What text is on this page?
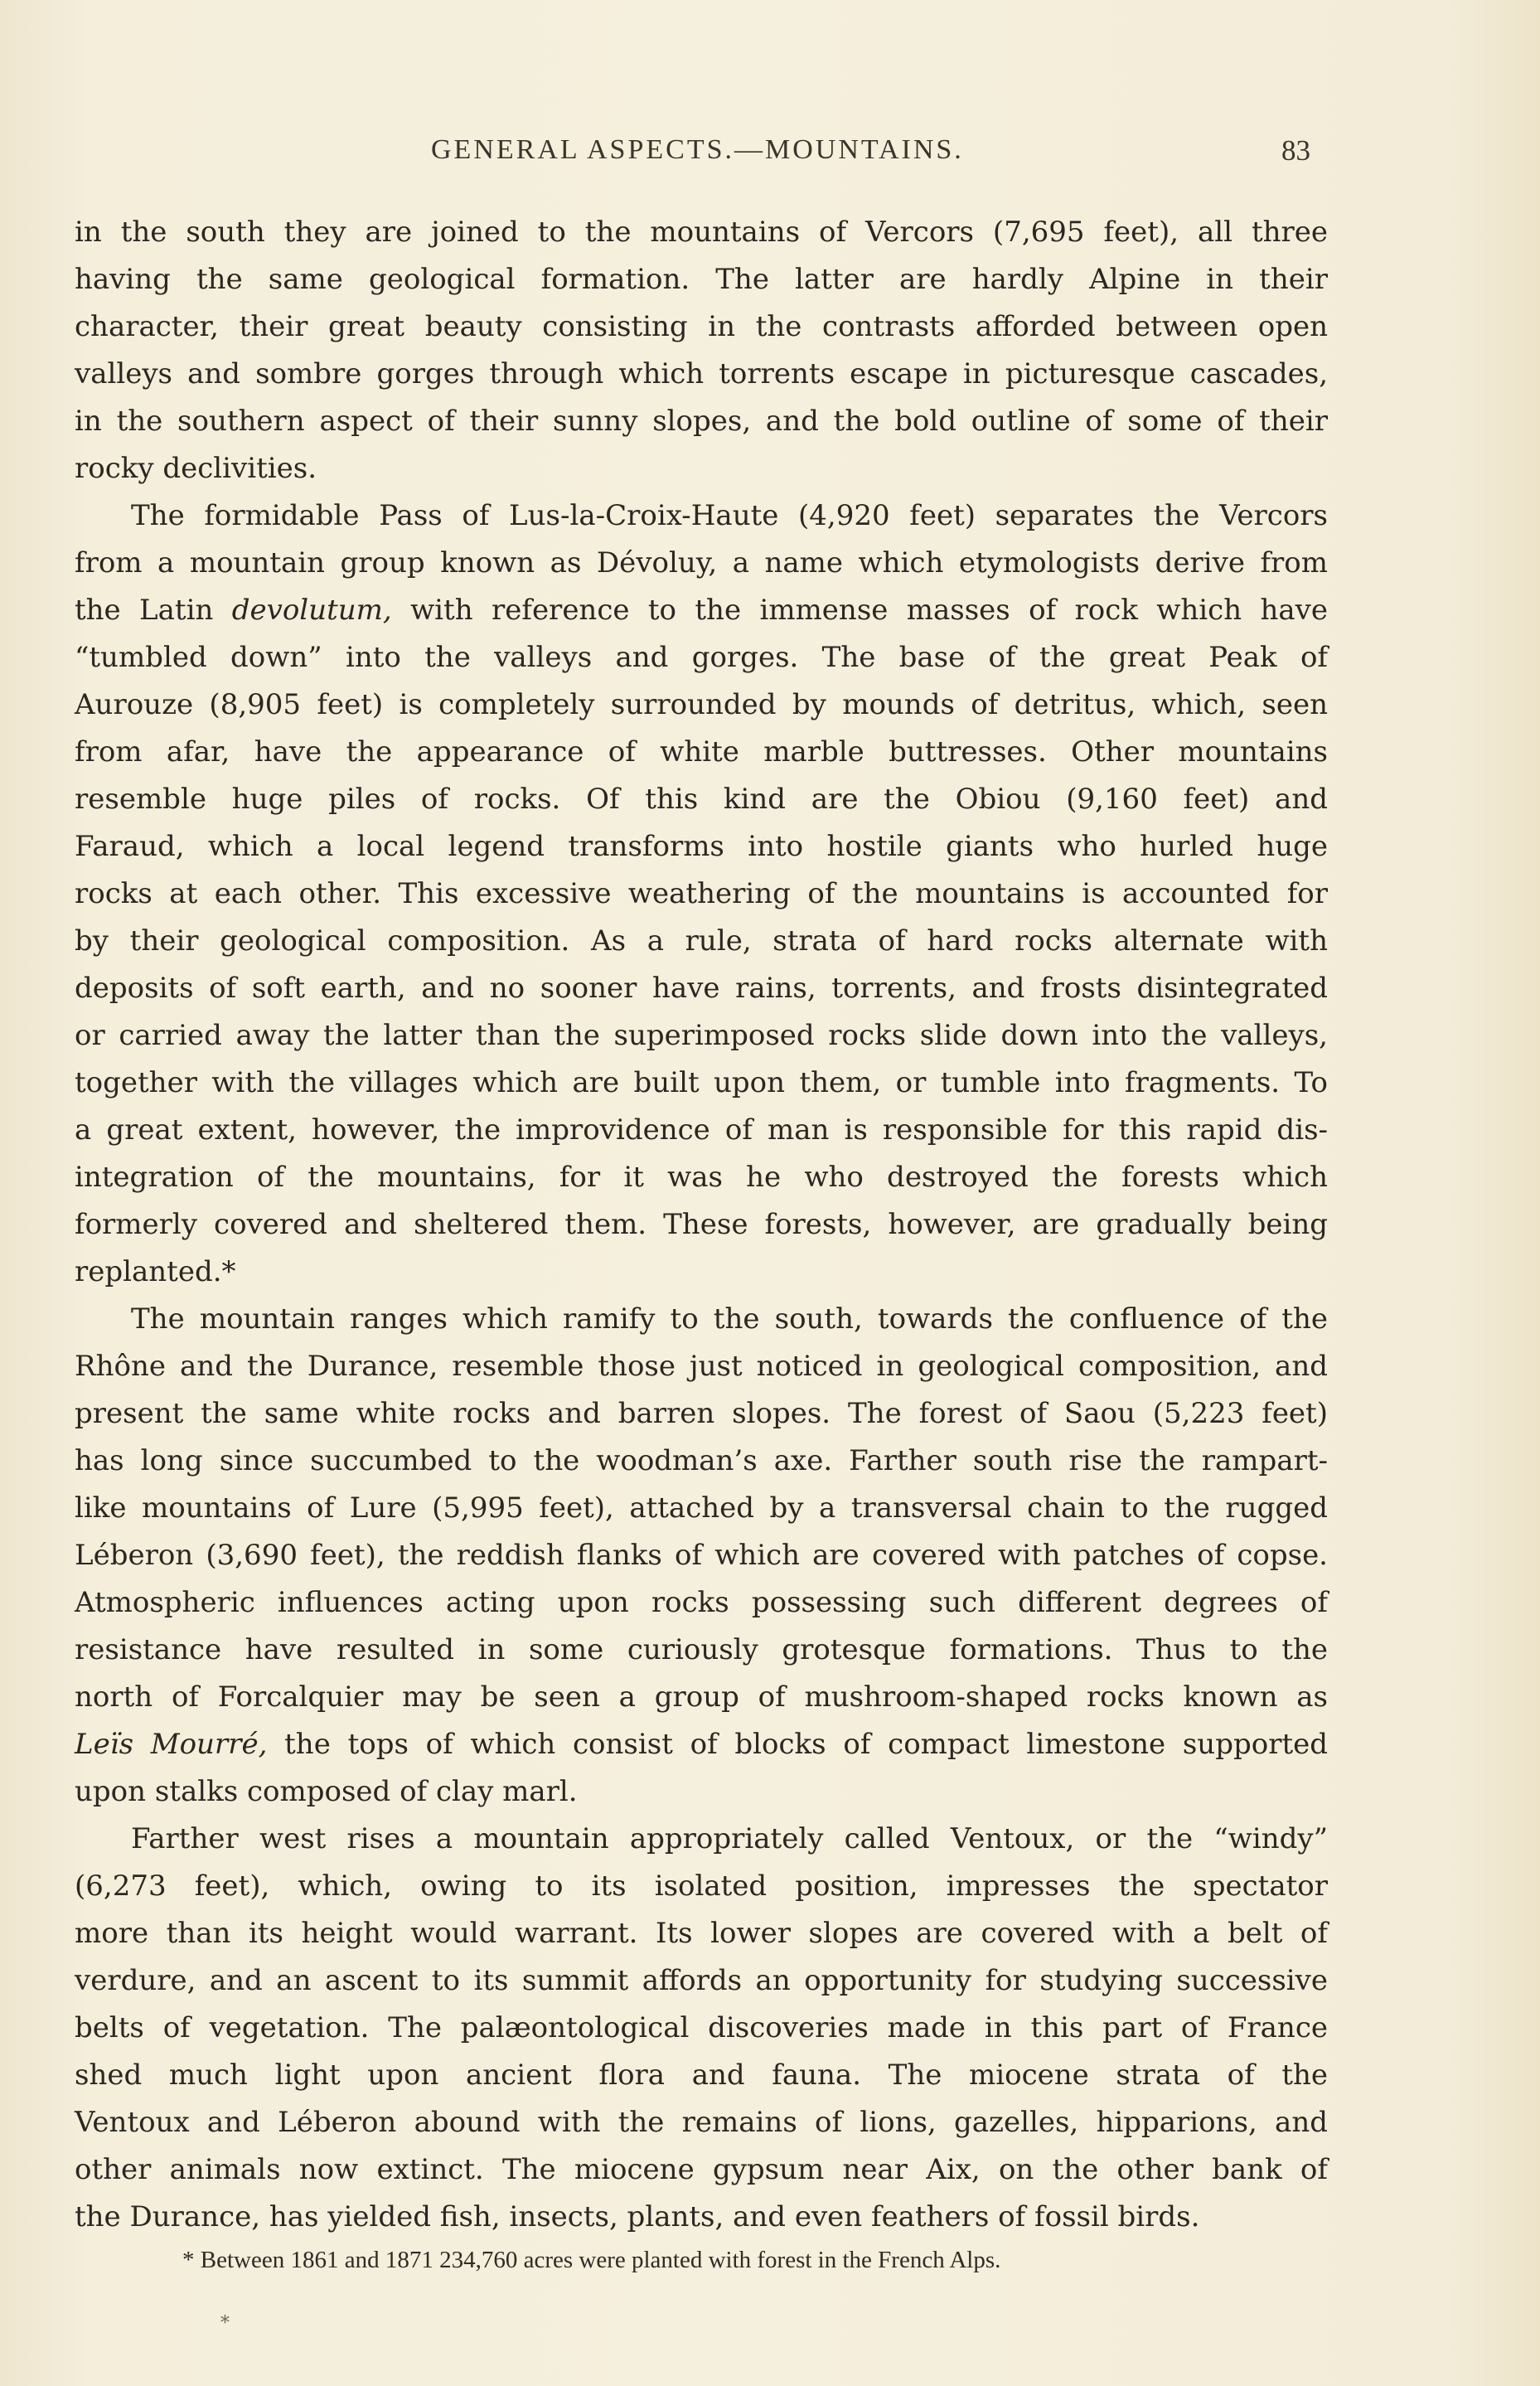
GENERAL ASPECTS.—MOUNTAINS.	83
in the south they are joined to the mountains of Vercors (7,695 feet), all three
having the same geological formation. The latter are hardly Alpine in their
character, their great beauty consisting in the contrasts afforded between open
valleys and sombre gorges through which torrents escape in picturesque cascades,
in the southern aspect of their sunny slopes, and the bold outline of some of their
rocky declivities.
The formidable Pass of Lus-la-Croix-Haute (4,920 feet) separates the Vercors
from a mountain group known as Dévoluy, a name which etymologists derive from
the Latin devolutum, with reference to the immense masses of rock which have
“tumbled down” into the valleys and gorges. The base of the great Peak of
Aurouze (8,905 feet) is completely surrounded by mounds of detritus, which, seen
from afar, have the appearance of white marble buttresses. Other mountains
resemble huge piles of rocks. Of this kind are the Obiou (9,160 feet) and
Faraud, which a local legend transforms into hostile giants who hurled huge
rocks at each other. This excessive weathering of the mountains is accounted for
by their geological composition. As a rule, strata of hard rocks alternate with
deposits of soft earth, and no sooner have rains, torrents, and frosts disintegrated
or carried away the latter than the superimposed rocks slide down into the valleys,
together with the villages which are built upon them, or tumble into fragments. To
a great extent, however, the improvidence of man is responsible for this rapid dis-
integration of the mountains, for it was he who destroyed the forests which
formerly covered and sheltered them. These forests, however, are gradually being
replanted.*
The mountain ranges which ramify to the south, towards the confluence of the
Rhône and the Durance, resemble those just noticed in geological composition, and
present the same white rocks and barren slopes. The forest of Saou (5,223 feet)
has long since succumbed to the woodman’s axe. Farther south rise the rampart-
like mountains of Lure (5,995 feet), attached by a transversal chain to the rugged
Léberon (3,690 feet), the reddish flanks of which are covered with patches of copse.
Atmospheric influences acting upon rocks possessing such different degrees of
resistance have resulted in some curiously grotesque formations. Thus to the
north of Forcalquier may be seen a group of mushroom-shaped rocks known as
Leïs Mourré, the tops of which consist of blocks of compact limestone supported
upon stalks composed of clay marl.
Farther west rises a mountain appropriately called Ventoux, or the “windy”
(6,273 feet), which, owing to its isolated position, impresses the spectator
more than its height would warrant. Its lower slopes are covered with a belt of
verdure, and an ascent to its summit affords an opportunity for studying successive
belts of vegetation. The palæontological discoveries made in this part of France
shed much light upon ancient flora and fauna. The miocene strata of the
Ventoux and Léberon abound with the remains of lions, gazelles, hipparions, and
other animals now extinct. The miocene gypsum near Aix, on the other bank of
the Durance, has yielded fish, insects, plants, and even feathers of fossil birds.
* Between 1861 and 1871 234,760 acres were planted with forest in the French Alps.
*
